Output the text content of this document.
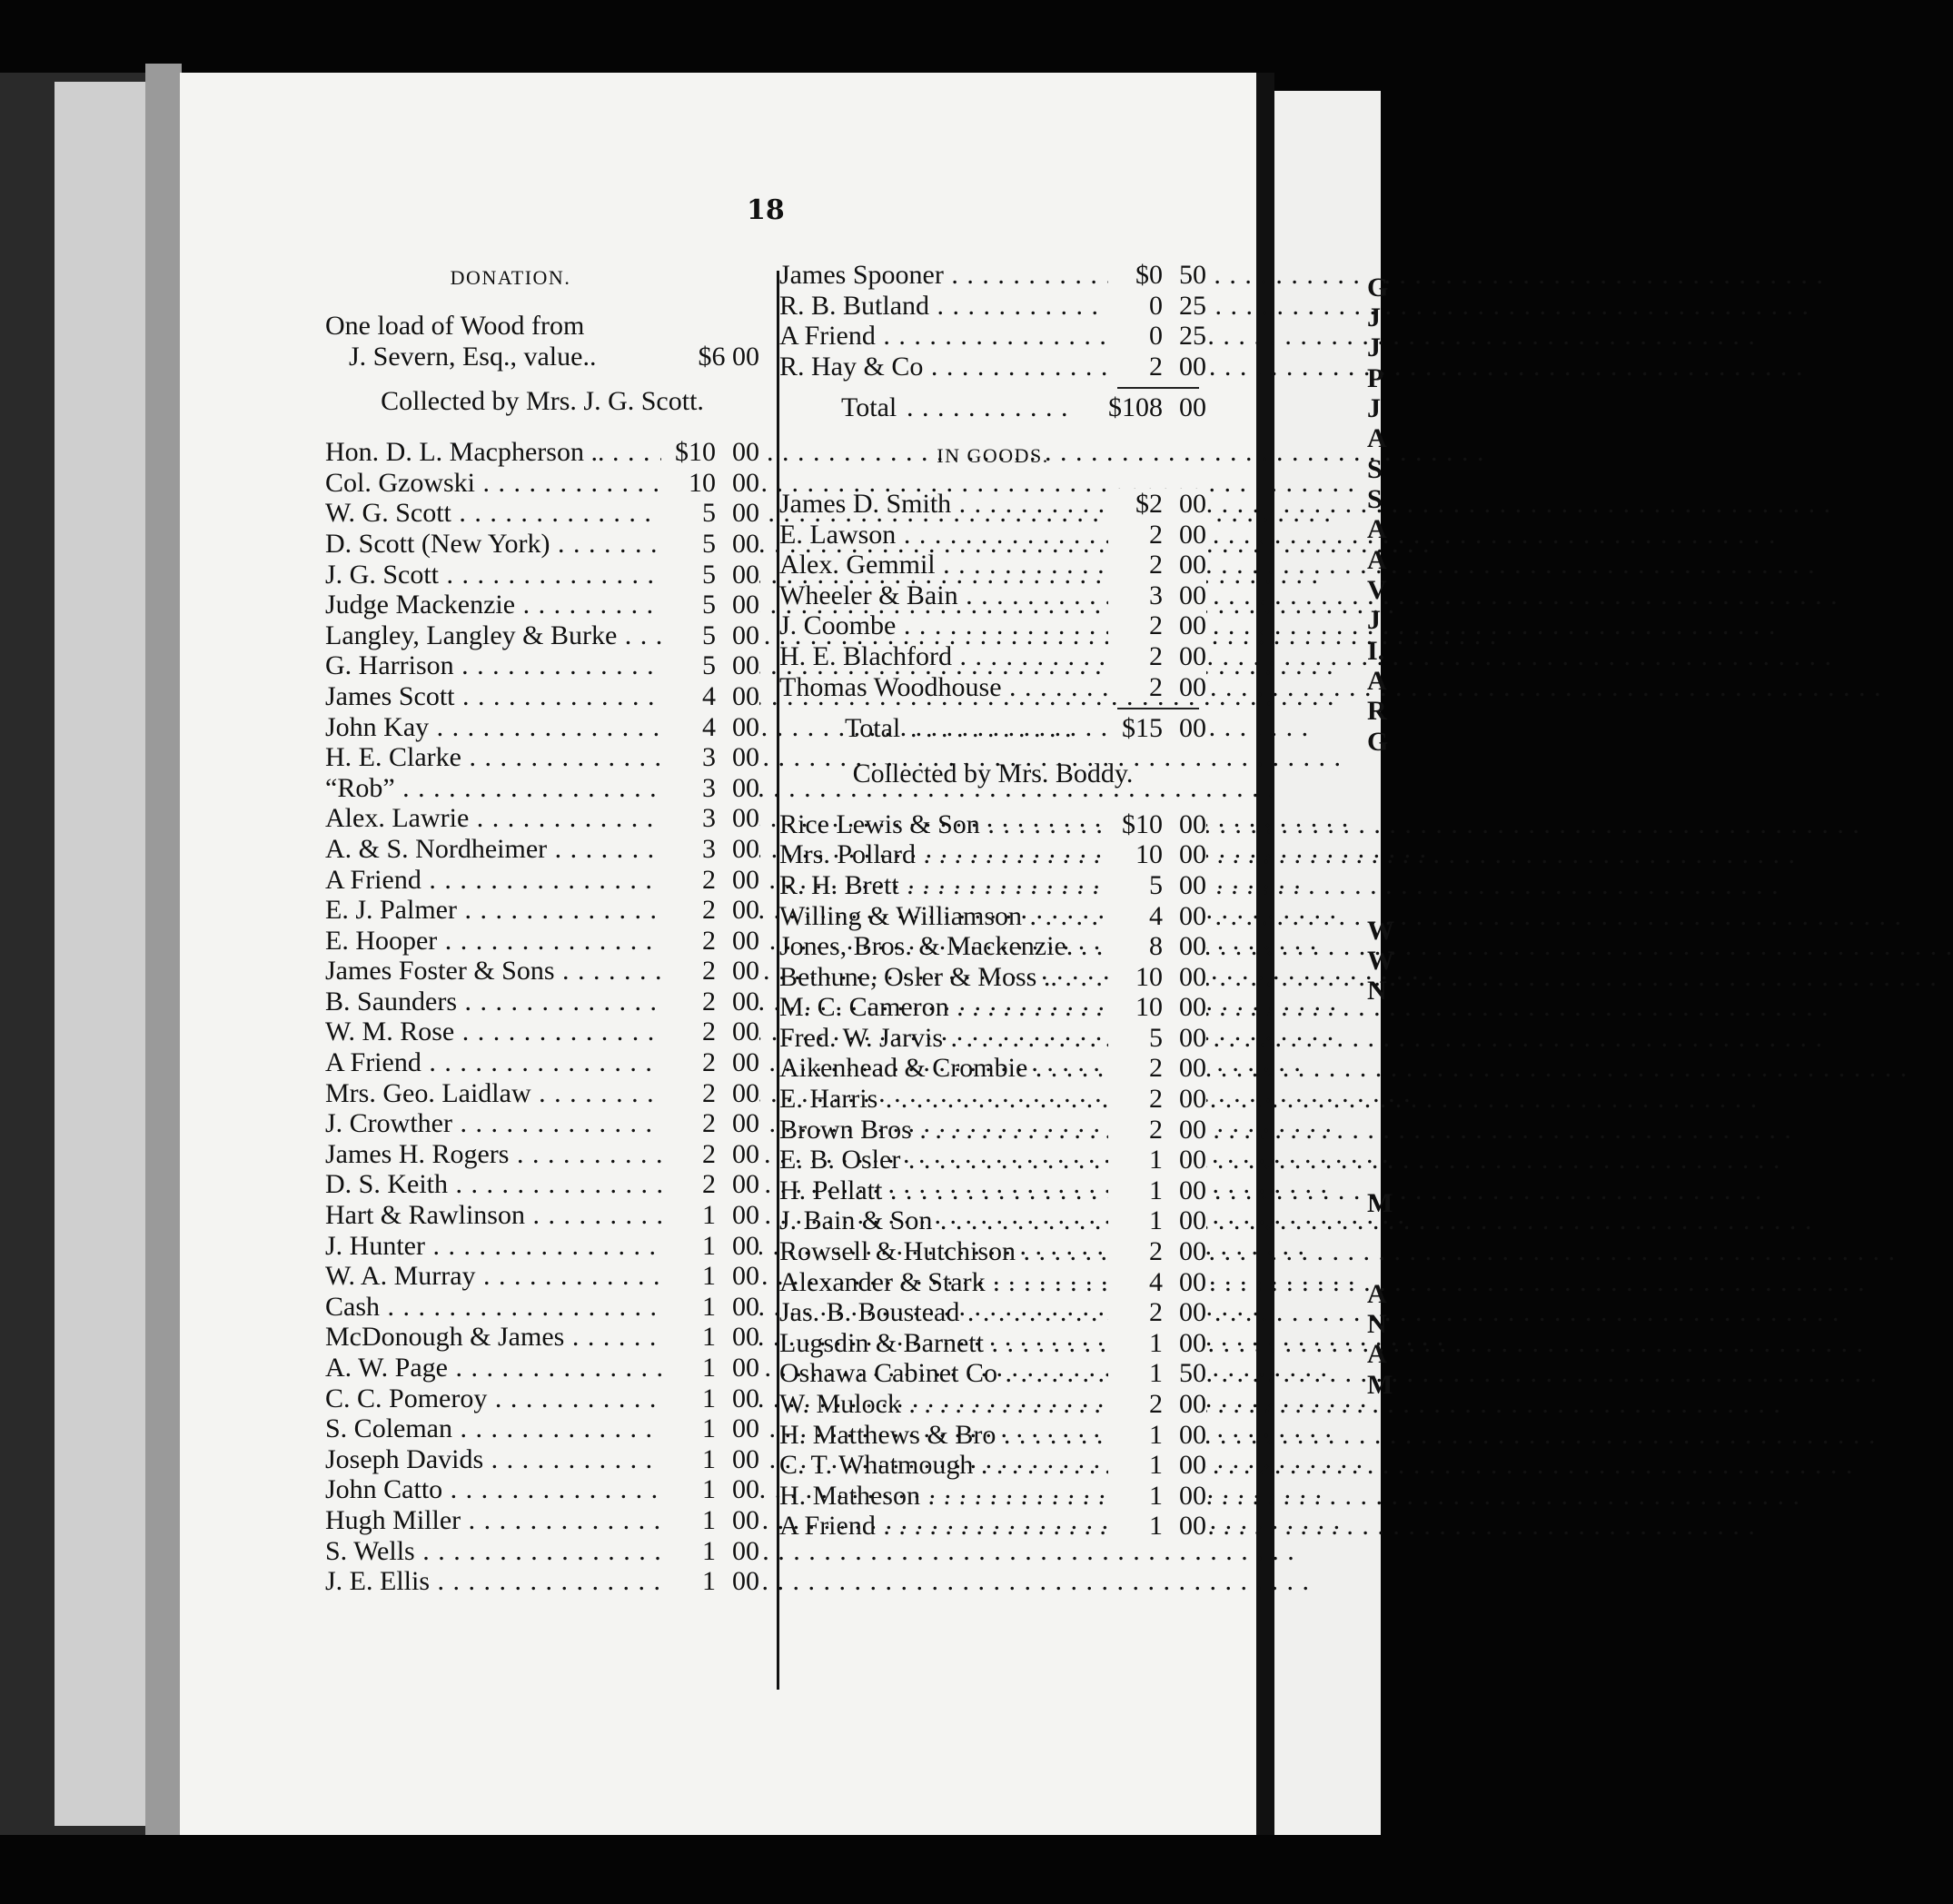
G
J
J
P
J
A
S
S
A
A
V
J
I.
A
R
G
W
W
N
M
A
N
A
M
18
DONATION.
One load of Wood from
J. Severn, Esq., value..	$6 00
Collected by Mrs. J. G. Scott.
Hon. D. L. Macpherson .. . . .	$10 00
Col. Gzowski . . .	10 00
W. G. Scott . . .	5 00
D. Scott (New York) . . .	5 00
J. G. Scott . . .	5 00
Judge Mackenzie . . .	5 00
Langley, Langley & Burke . . .	5 00
G. Harrison . . .	5 00
James Scott . . .	4 00
John Kay . . .	4 00
H. E. Clarke . . .	3 00
“Rob” . . .	3 00
Alex. Lawrie . . .	3 00
A. & S. Nordheimer . . .	3 00
A Friend . . .	2 00
E. J. Palmer . . .	2 00
E. Hooper . . .	2 00
James Foster & Sons . . .	2 00
B. Saunders . . .	2 00
W. M. Rose . . .	2 00
A Friend . . .	2 00
Mrs. Geo. Laidlaw . . .	2 00
J. Crowther . . .	2 00
James H. Rogers . . .	2 00
D. S. Keith . . .	2 00
Hart & Rawlinson . . .	1 00
J. Hunter . . .	1 00
W. A. Murray . . .	1 00
Cash . . .	1 00
McDonough & James . . .	1 00
A. W. Page . . .	1 00
C. C. Pomeroy . . .	1 00
S. Coleman . . .	1 00
Joseph Davids . . .	1 00
John Catto . . .	1 00
Hugh Miller . . .	1 00
S. Wells . . .	1 00
J. E. Ellis . . .	1 00
James Spooner . . .	$0 50
R. B. Butland . . .	0 25
A Friend . . .	0 25
R. Hay & Co . . .	2 00
Total . . . . . . . . . . .	$108 00
IN GOODS.
James D. Smith . . .	$2 00
E. Lawson . . .	2 00
Alex. Gemmil . . .	2 00
Wheeler & Bain . . .	3 00
J. Coombe . . .	2 00
H. E. Blachford . . .	2 00
Thomas Woodhouse . . .	2 00
Total . . . . . . . . . . .	$15 00
Collected by Mrs. Boddy.
Rice Lewis & Son . . .	$10 00
Mrs. Pollard . . .	10 00
R. H. Brett . . .	5 00
Willing & Williamson . . .	4 00
Jones, Bros. & Mackenzie. . . .	8 00
Bethune, Osler & Moss .. . . .	10 00
M. C. Cameron . . .	10 00
Fred. W. Jarvis . . .	5 00
Aikenhead & Crombie . . .	2 00
E. Harris . . .	2 00
Brown Bros . . .	2 00
E. B. Osler . . .	1 00
H. Pellatt . . .	1 00
J. Bain & Son . . .	1 00
Rowsell & Hutchison . . .	2 00
Alexander & Stark . . .	4 00
Jas. B. Boustead . . .	2 00
Lugsdin & Barnett . . .	1 00
Oshawa Cabinet Co . . .	1 50
W. Mulock . . .	2 00
H. Matthews & Bro . . .	1 00
C. T. Whatmough . . .	1 00
H. Matheson . . .	1 00
A Friend . . .	1 00
